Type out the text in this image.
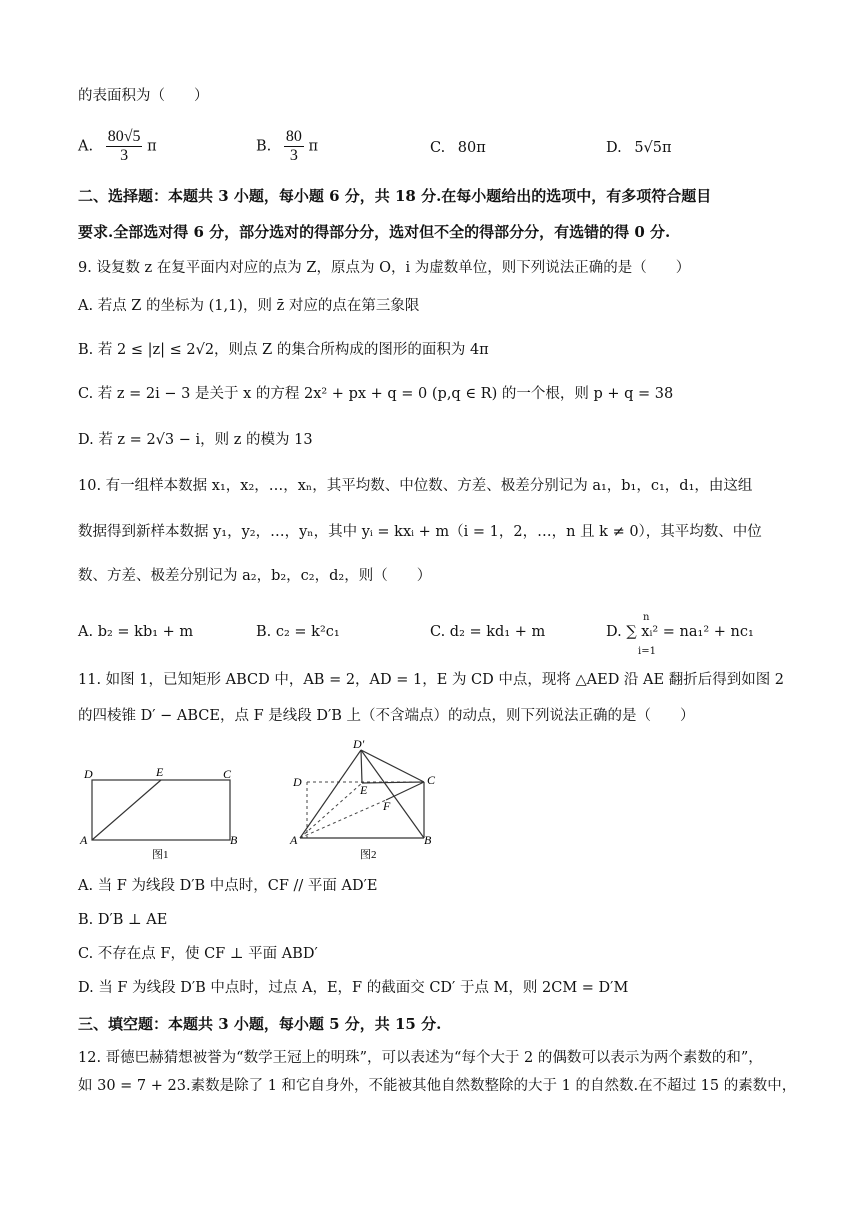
的表面积为（　　）
A. $\frac{80√5}{3}$ π	B. $\frac{80}{3}$ π	C. 80π	D. 5√5π
二、选择题：本题共 3 小题，每小题 6 分，共 18 分.在每小题给出的选项中，有多项符合题目
要求.全部选对得 6 分，部分选对的得部分分，选对但不全的得部分分，有选错的得 0 分.
9. 设复数 z 在复平面内对应的点为 Z，原点为 O，i 为虚数单位，则下列说法正确的是（　　）
A. 若点 Z 的坐标为 (1,1)，则 z̄ 对应的点在第三象限
B. 若 2 ≤ |z| ≤ 2√2，则点 Z 的集合所构成的图形的面积为 4π
C. 若 z = 2i − 3 是关于 x 的方程 2x² + px + q = 0 (p,q ∈ R) 的一个根，则 p + q = 38
D. 若 z = 2√3 − i，则 z 的模为 13
10. 有一组样本数据 x₁，x₂，…，xₙ，其平均数、中位数、方差、极差分别记为 a₁，b₁，c₁，d₁，由这组
数据得到新样本数据 y₁，y₂，…，yₙ，其中 yᵢ = kxᵢ + m（i = 1，2，…，n 且 k ≠ 0），其平均数、中位
数、方差、极差分别记为 a₂，b₂，c₂，d₂，则（　　）
A. b₂ = kb₁ + m	B. c₂ = k²c₁	C. d₂ = kd₁ + m	D. ∑ xᵢ² = na₁² + nc₁
n
i=1
11. 如图 1，已知矩形 ABCD 中，AB = 2，AD = 1，E 为 CD 中点，现将 △AED 沿 AE 翻折后得到如图 2
的四棱锥 D′ − ABCE，点 F 是线段 D′B 上（不含端点）的动点，则下列说法正确的是（　　）
D	E	C
A	B
图1
D′
D
E
C
F
A	B
图2
A. 当 F 为线段 D′B 中点时，CF // 平面 AD′E
B. D′B ⊥ AE
C. 不存在点 F，使 CF ⊥ 平面 ABD′
D. 当 F 为线段 D′B 中点时，过点 A，E，F 的截面交 CD′ 于点 M，则 2CM = D′M
三、填空题：本题共 3 小题，每小题 5 分，共 15 分.
12. 哥德巴赫猜想被誉为“数学王冠上的明珠”，可以表述为“每个大于 2 的偶数可以表示为两个素数的和”，
如 30 = 7 + 23.素数是除了 1 和它自身外，不能被其他自然数整除的大于 1 的自然数.在不超过 15 的素数中，
